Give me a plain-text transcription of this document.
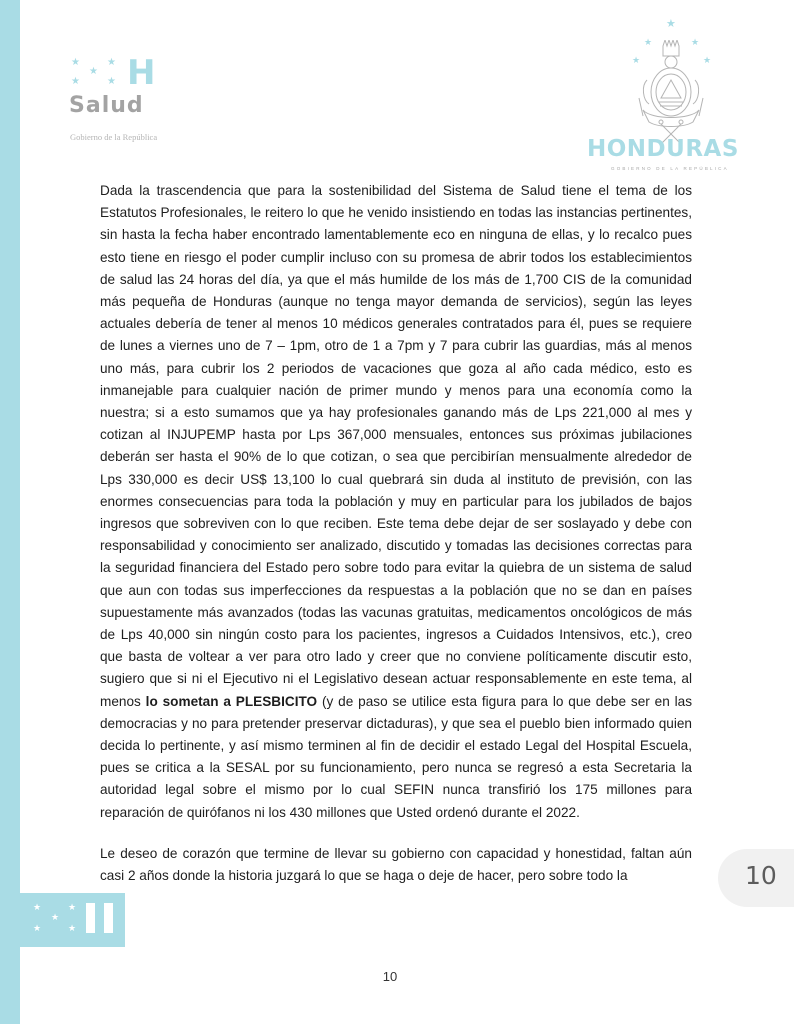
★	★
★
★	★
★	★
★
★	★ H
Salud
Gobierno de la República
★
★	★
★	★
HONDURAS
GOBIERNO DE LA REPÚBLICA

Dada la trascendencia que para la sostenibilidad del Sistema de Salud tiene el tema de los Estatutos Profesionales, le reitero lo que he venido insistiendo en todas las instancias pertinentes, sin hasta la fecha haber encontrado lamentablemente eco en ninguna de ellas, y lo recalco pues esto tiene en riesgo el poder cumplir incluso con su promesa de abrir todos los establecimientos de salud las 24 horas del día, ya que el más humilde de los más de 1,700 CIS de la comunidad más pequeña de Honduras (aunque no tenga mayor demanda de servicios), según las leyes actuales debería de tener al menos 10 médicos generales contratados para él, pues se requiere de lunes a viernes uno de 7 – 1pm, otro de 1 a 7pm y 7 para cubrir las guardias, más al menos uno más, para cubrir los 2 periodos de vacaciones que goza al año cada médico, esto es inmanejable para cualquier nación de primer mundo y menos para una economía como la nuestra; si a esto sumamos que ya hay profesionales ganando más de Lps 221,000 al mes y cotizan al INJUPEMP hasta por Lps 367,000 mensuales, entonces sus próximas jubilaciones deberán ser hasta el 90% de lo que cotizan, o sea que percibirían mensualmente alrededor de Lps 330,000 es decir US$ 13,100 lo cual quebrará sin duda al instituto de previsión, con las enormes consecuencias para toda la población y muy en particular para los jubilados de bajos ingresos que sobreviven con lo que reciben. Este tema debe dejar de ser soslayado y debe con responsabilidad y conocimiento ser analizado, discutido y tomadas las decisiones correctas para la seguridad financiera del Estado pero sobre todo para evitar la quiebra de un sistema de salud que aun con todas sus imperfecciones da respuestas a la población que no se dan en países supuestamente más avanzados (todas las vacunas gratuitas, medicamentos oncológicos de más de Lps 40,000 sin ningún costo para los pacientes, ingresos a Cuidados Intensivos, etc.), creo que basta de voltear a ver para otro lado y creer que no conviene políticamente discutir esto, sugiero que si ni el Ejecutivo ni el Legislativo desean actuar responsablemente en este tema, al menos lo sometan a PLESBICITO (y de paso se utilice esta figura para lo que debe ser en las democracias y no para pretender preservar dictaduras), y que sea el pueblo bien informado quien decida lo pertinente, y así mismo terminen al fin de decidir el estado Legal del Hospital Escuela, pues se critica a la SESAL por su funcionamiento, pero nunca se regresó a esta Secretaria la autoridad legal sobre el mismo por lo cual SEFIN nunca transfirió los 175 millones para reparación de quirófanos ni los 430 millones que Usted ordenó durante el 2022.

Le deseo de corazón que termine de llevar su gobierno con capacidad y honestidad, faltan aún casi 2 años donde la historia juzgará lo que se haga o deje de hacer, pero sobre todo la	10
10
